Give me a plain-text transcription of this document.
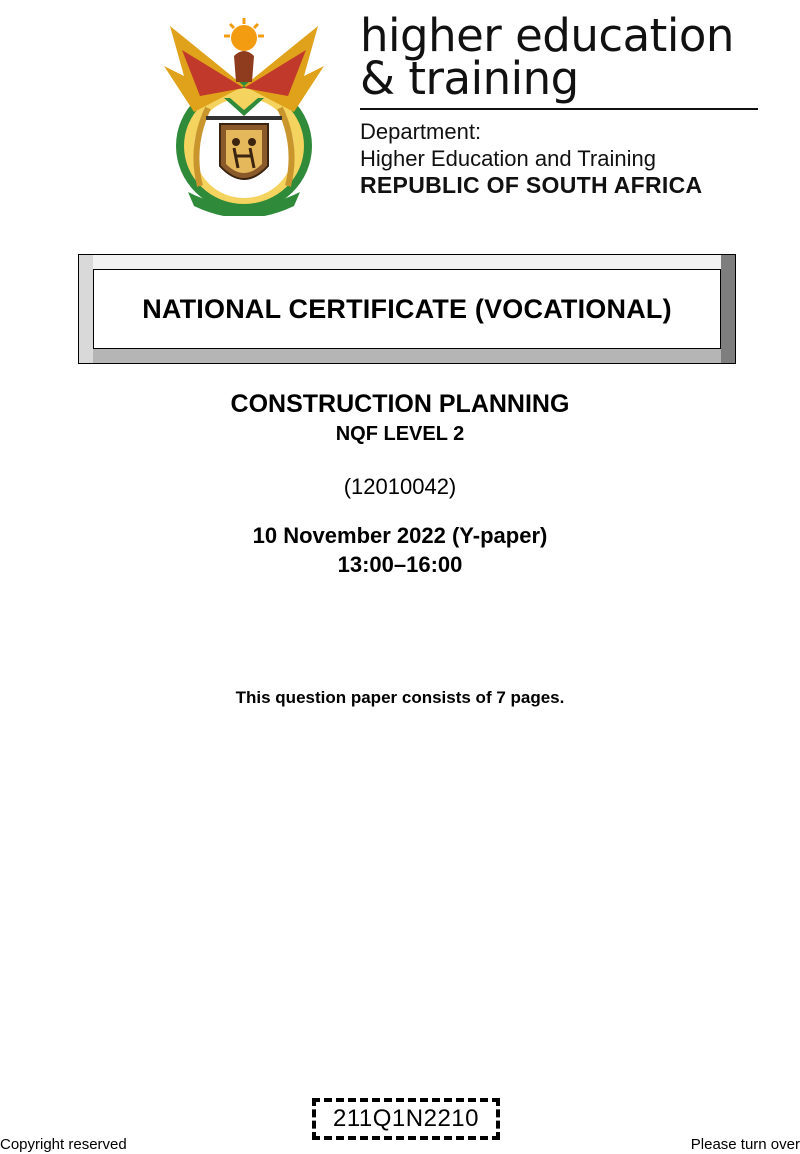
higher education
& training
Department:
Higher Education and Training
REPUBLIC OF SOUTH AFRICA
NATIONAL CERTIFICATE (VOCATIONAL)
CONSTRUCTION PLANNING
NQF LEVEL 2
(12010042)
10 November 2022 (Y-paper)
13:00–16:00
This question paper consists of 7 pages.
211Q1N2210
Copyright reserved	Please turn over
